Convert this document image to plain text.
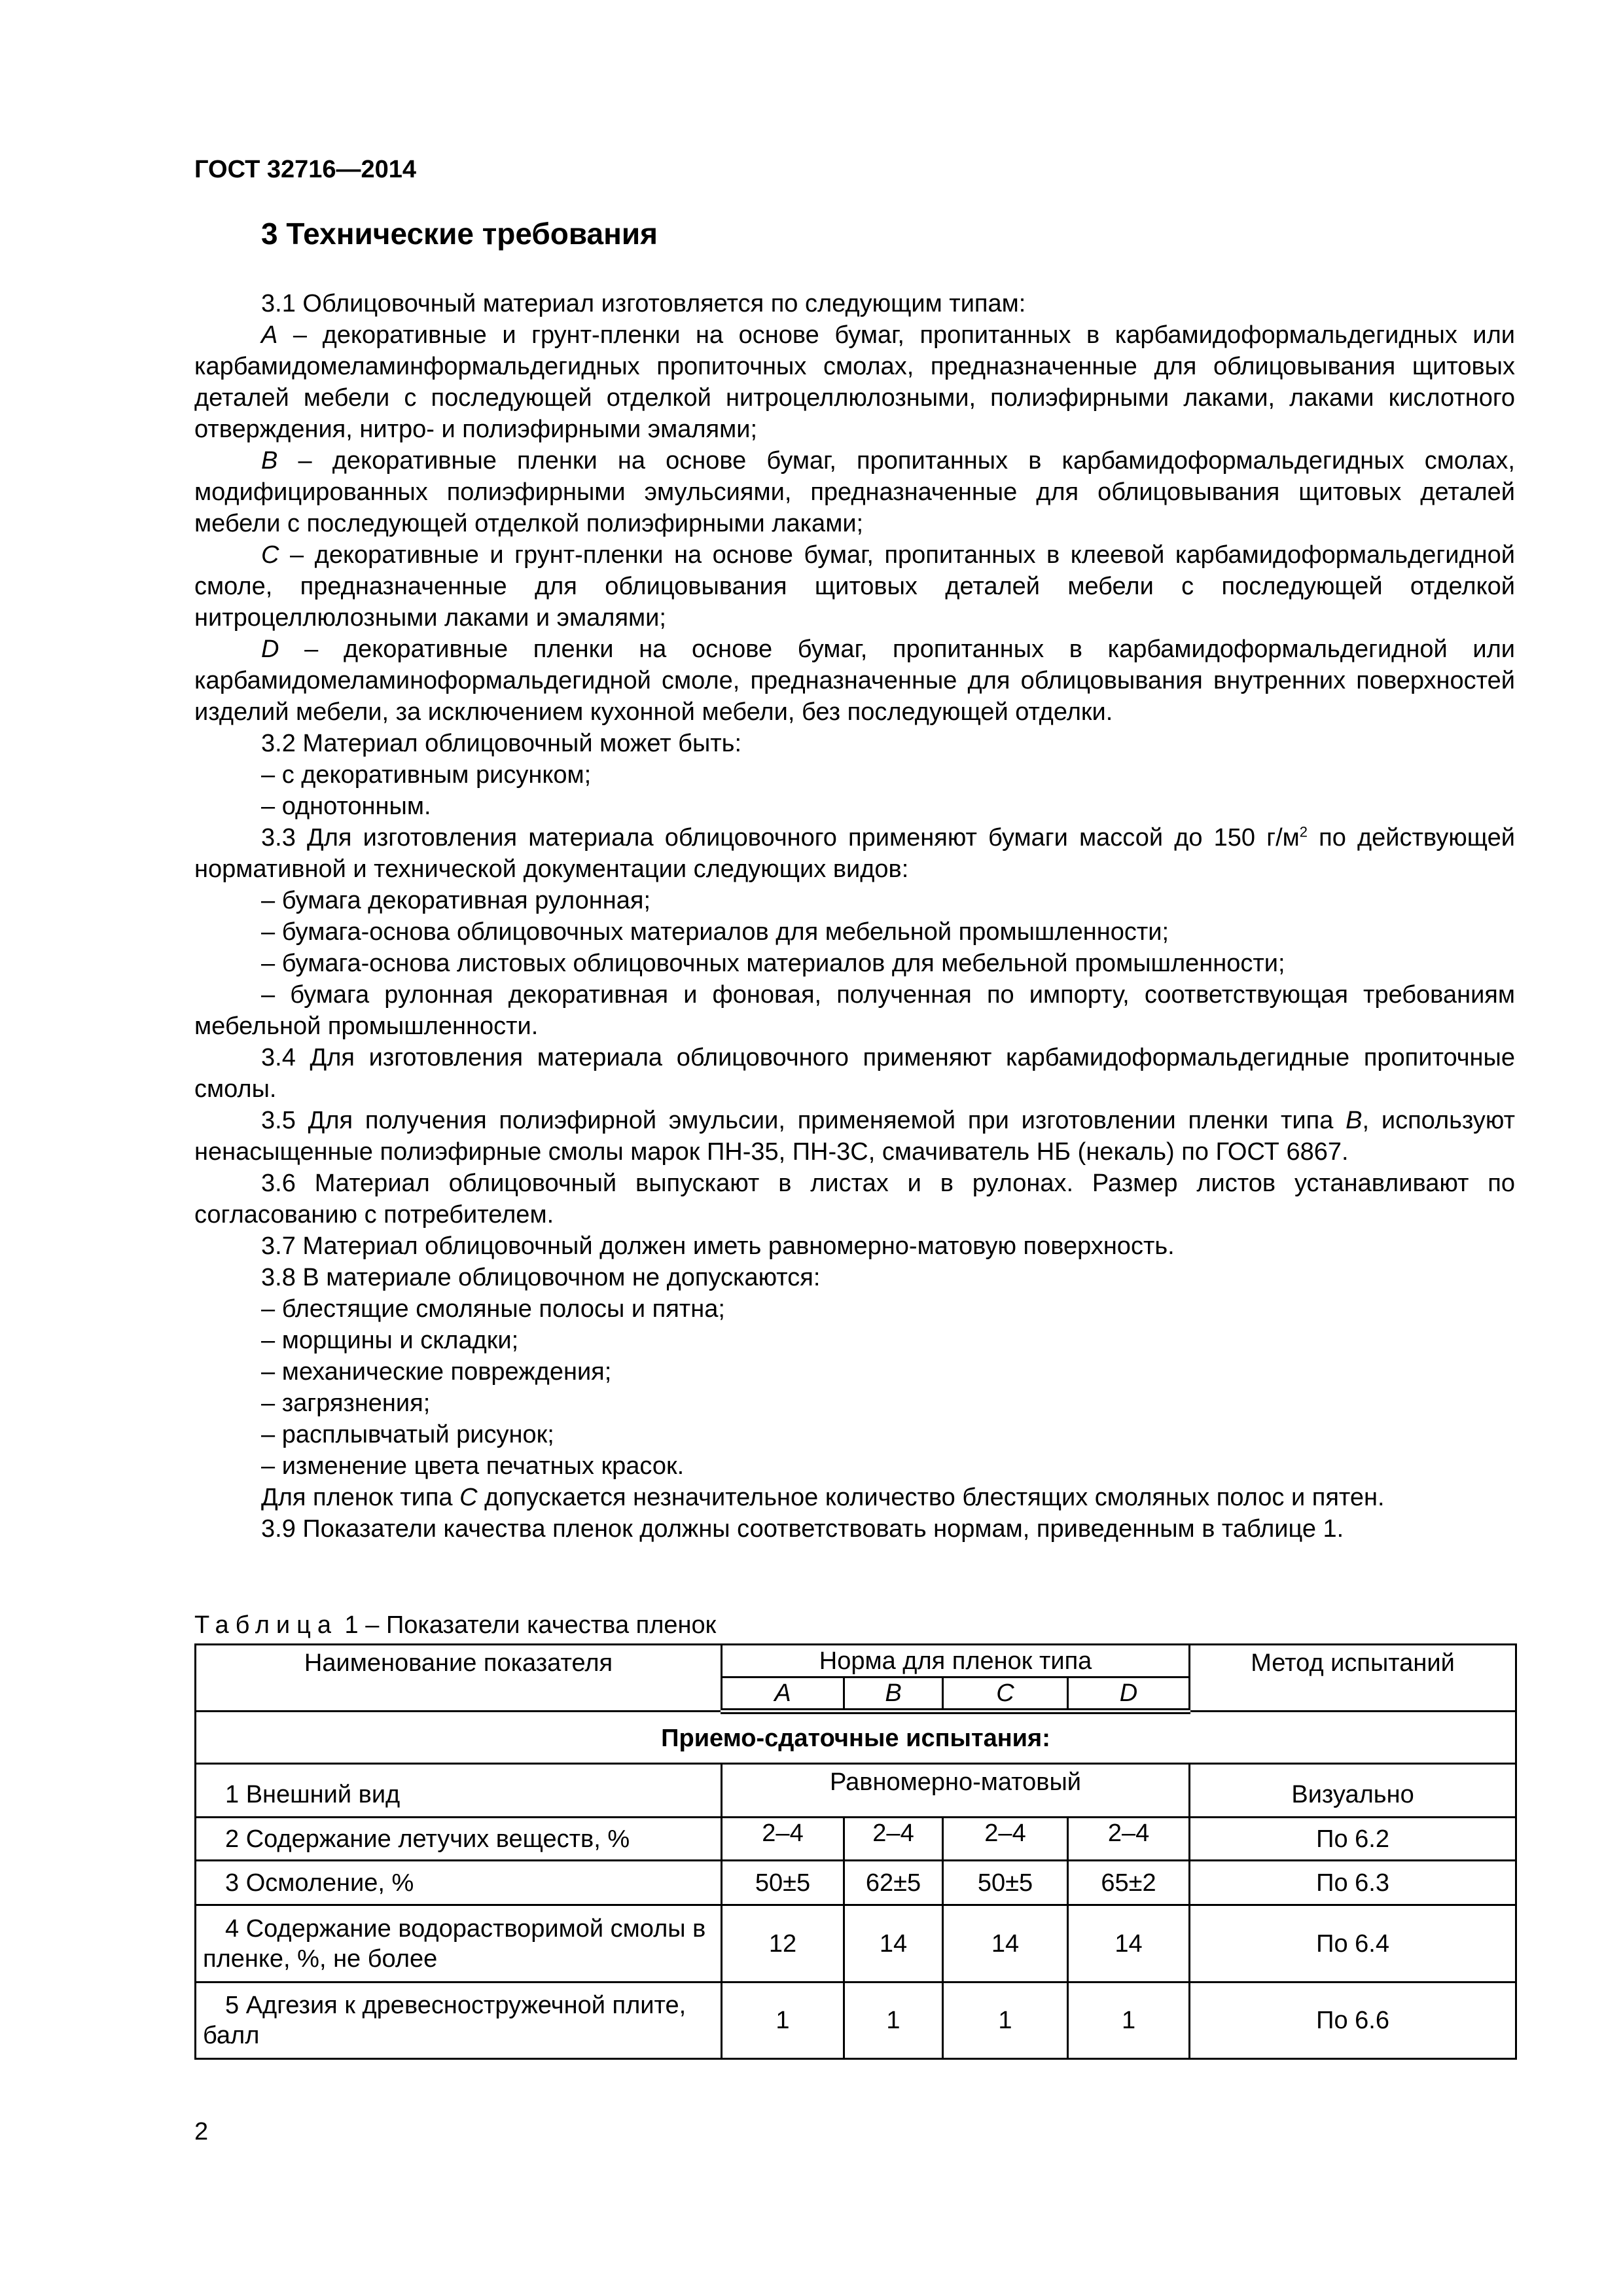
ГОСТ 32716—2014
3 Технические требования

3.1 Облицовочный материал изготовляется по следующим типам:

A – декоративные и грунт-пленки на основе бумаг, пропитанных в карбамидоформальдегидных или карбамидомеламинформальдегидных пропиточных смолах, предназначенные для облицовывания щитовых деталей мебели с последующей отделкой нитроцеллюлозными, полиэфирными лаками, лаками кислотного отверждения, нитро- и полиэфирными эмалями;

B – декоративные пленки на основе бумаг, пропитанных в карбамидоформальдегидных смолах, модифицированных полиэфирными эмульсиями, предназначенные для облицовывания щитовых деталей мебели с последующей отделкой полиэфирными лаками;

C – декоративные и грунт-пленки на основе бумаг, пропитанных в клеевой карбамидоформальдегидной смоле, предназначенные для облицовывания щитовых деталей мебели с последующей отделкой нитроцеллюлозными лаками и эмалями;

D – декоративные пленки на основе бумаг, пропитанных в карбамидоформальдегидной или карбамидомеламиноформальдегидной смоле, предназначенные для облицовывания внутренних поверхностей изделий мебели, за исключением кухонной мебели, без последующей отделки.

3.2 Материал облицовочный может быть:

– с декоративным рисунком;

– однотонным.

3.3 Для изготовления материала облицовочного применяют бумаги массой до 150 $г/м^2$ по действующей нормативной и технической документации следующих видов:

– бумага декоративная рулонная;

– бумага-основа облицовочных материалов для мебельной промышленности;

– бумага-основа листовых облицовочных материалов для мебельной промышленности;

– бумага рулонная декоративная и фоновая, полученная по импорту, соответствующая требованиям мебельной промышленности.

3.4 Для изготовления материала облицовочного применяют карбамидоформальдегидные пропиточные смолы.

3.5 Для получения полиэфирной эмульсии, применяемой при изготовлении пленки типа B, используют ненасыщенные полиэфирные смолы марок ПН-35, ПН-3С, смачиватель НБ (некаль) по ГОСТ 6867.

3.6 Материал облицовочный выпускают в листах и в рулонах. Размер листов устанавливают по согласованию с потребителем.

3.7 Материал облицовочный должен иметь равномерно-матовую поверхность.

3.8 В материале облицовочном не допускаются:

– блестящие смоляные полосы и пятна;

– морщины и складки;

– механические повреждения;

– загрязнения;

– расплывчатый рисунок;

– изменение цвета печатных красок.

Для пленок типа C допускается незначительное количество блестящих смоляных полос и пятен.

3.9 Показатели качества пленок должны соответствовать нормам, приведенным в таблице 1.

Таблица 1 – Показатели качества пленок
Наименование показателя	Норма для пленок типа				Метод испытаний
	A	B	C	D	
Приемо-сдаточные испытания:					
1 Внешний вид	Равномерно-матовый				Визуально
2 Содержание летучих веществ, %	2–4	2–4	2–4	2–4	По 6.2
3 Осмоление, %	50±5	62±5	50±5	65±2	По 6.3
4 Содержание водорастворимой смолы в пленке, %, не более	12	14	14	14	По 6.4
5 Адгезия к древесностружечной плите, балл	1	1	1	1	По 6.6
2
